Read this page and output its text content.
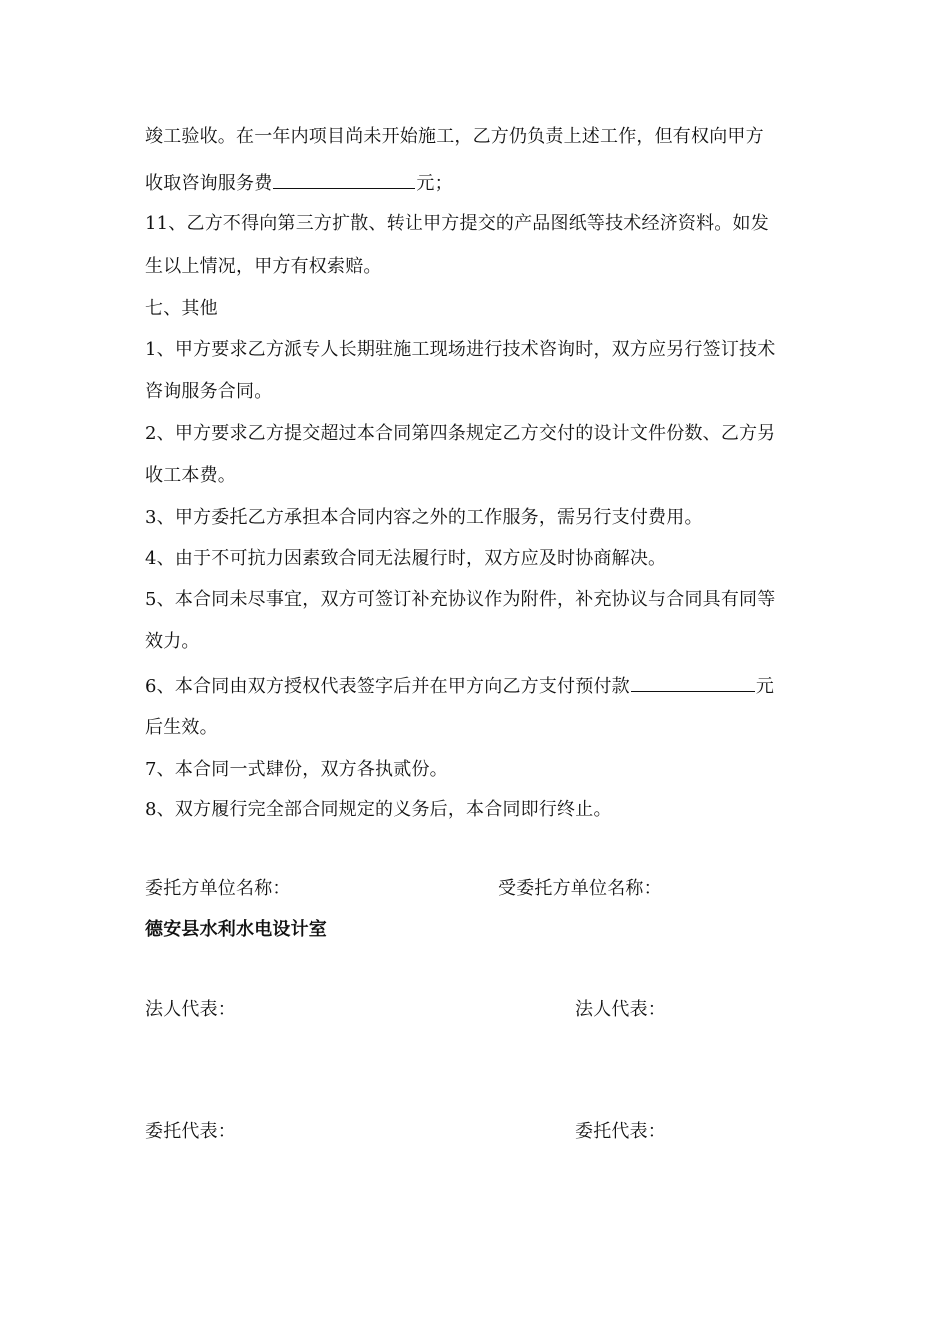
竣工验收。在一年内项目尚未开始施工，乙方仍负责上述工作，但有权向甲方
收取咨询服务费	元；
11、乙方不得向第三方扩散、转让甲方提交的产品图纸等技术经济资料。如发
生以上情况，甲方有权索赔。
七、其他
1、甲方要求乙方派专人长期驻施工现场进行技术咨询时，双方应另行签订技术
咨询服务合同。
2、甲方要求乙方提交超过本合同第四条规定乙方交付的设计文件份数、乙方另
收工本费。
3、甲方委托乙方承担本合同内容之外的工作服务，需另行支付费用。
4、由于不可抗力因素致合同无法履行时，双方应及时协商解决。
5、本合同未尽事宜，双方可签订补充协议作为附件，补充协议与合同具有同等
效力。
6、本合同由双方授权代表签字后并在甲方向乙方支付预付款	元
后生效。
7、本合同一式肆份，双方各执贰份。
8、双方履行完全部合同规定的义务后，本合同即行终止。
委托方单位名称：	受委托方单位名称：
德安县水利水电设计室
法人代表：	法人代表：
委托代表：	委托代表：
